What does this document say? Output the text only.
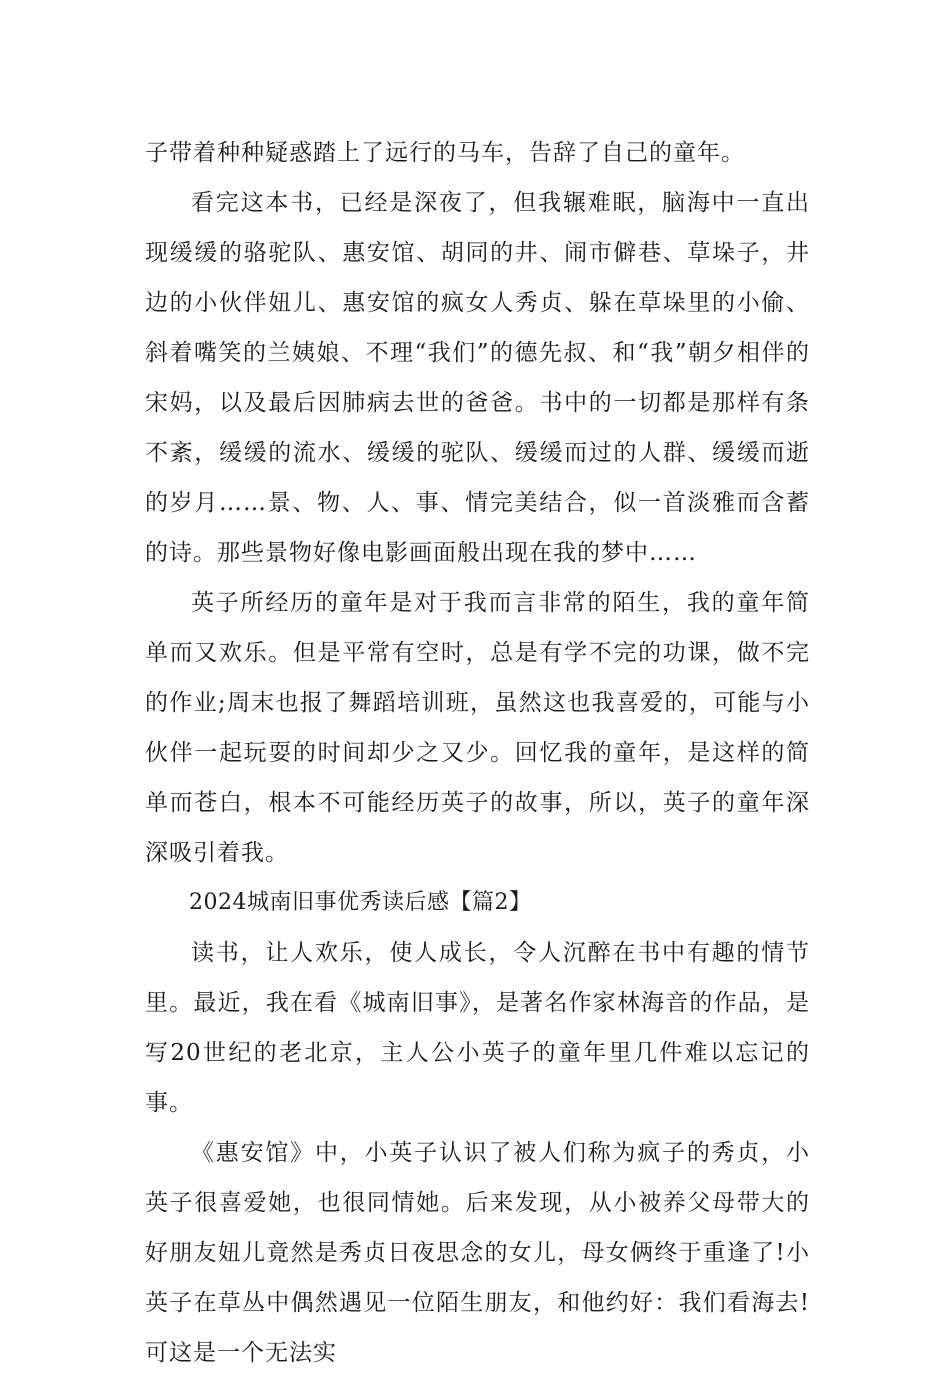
子带着种种疑惑踏上了远行的马车，告辞了自己的童年。

看完这本书，已经是深夜了，但我辗难眠，脑海中一直出现缓缓的骆驼队、惠安馆、胡同的井、闹市僻巷、草垛子，井边的小伙伴妞儿、惠安馆的疯女人秀贞、躲在草垛里的小偷、斜着嘴笑的兰姨娘、不理“我们”的德先叔、和“我”朝夕相伴的宋妈，以及最后因肺病去世的爸爸。书中的一切都是那样有条不紊，缓缓的流水、缓缓的驼队、缓缓而过的人群、缓缓而逝的岁月……景、物、人、事、情完美结合，似一首淡雅而含蓄的诗。那些景物好像电影画面般出现在我的梦中……

英子所经历的童年是对于我而言非常的陌生，我的童年简单而又欢乐。但是平常有空时，总是有学不完的功课，做不完的作业;周末也报了舞蹈培训班，虽然这也我喜爱的，可能与小伙伴一起玩耍的时间却少之又少。回忆我的童年，是这样的简单而苍白，根本不可能经历英子的故事，所以，英子的童年深深吸引着我。

2024城南旧事优秀读后感【篇2】

读书，让人欢乐，使人成长，令人沉醉在书中有趣的情节里。最近，我在看《城南旧事》，是著名作家林海音的作品，是写20世纪的老北京，主人公小英子的童年里几件难以忘记的事。

《惠安馆》中，小英子认识了被人们称为疯子的秀贞，小英子很喜爱她，也很同情她。后来发现，从小被养父母带大的好朋友妞儿竟然是秀贞日夜思念的女儿，母女俩终于重逢了!小英子在草丛中偶然遇见一位陌生朋友，和他约好：我们看海去!可这是一个无法实
